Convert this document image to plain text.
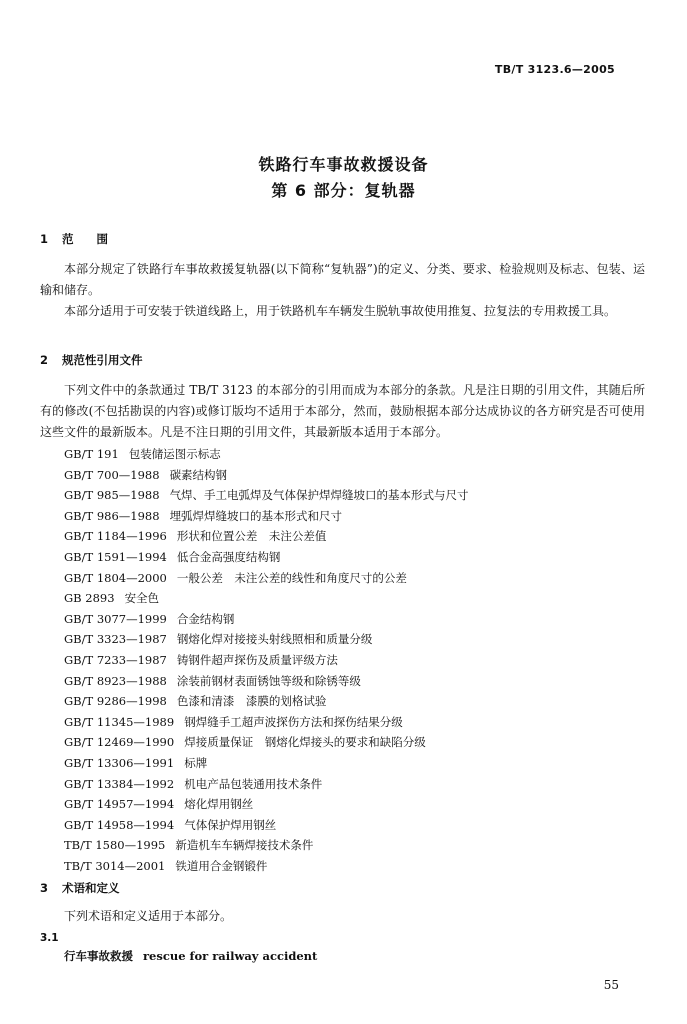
TB/T 3123.6—2005
铁路行车事故救援设备
第 6 部分：复轨器
1 范　　围

本部分规定了铁路行车事故救援复轨器(以下简称“复轨器”)的定义、分类、要求、检验规则及标志、包装、运输和储存。

本部分适用于可安装于铁道线路上，用于铁路机车车辆发生脱轨事故使用推复、拉复法的专用救援工具。

2 规范性引用文件

下列文件中的条款通过 TB/T 3123 的本部分的引用而成为本部分的条款。凡是注日期的引用文件，其随后所有的修改(不包括勘误的内容)或修订版均不适用于本部分，然而，鼓励根据本部分达成协议的各方研究是否可使用这些文件的最新版本。凡是不注日期的引用文件，其最新版本适用于本部分。

GB/T 191 包装储运图示标志
GB/T 700—1988 碳素结构钢
GB/T 985—1988 气焊、手工电弧焊及气体保护焊焊缝坡口的基本形式与尺寸
GB/T 986—1988 埋弧焊焊缝坡口的基本形式和尺寸
GB/T 1184—1996 形状和位置公差　未注公差值
GB/T 1591—1994 低合金高强度结构钢
GB/T 1804—2000 一般公差　未注公差的线性和角度尺寸的公差
GB 2893 安全色
GB/T 3077—1999 合金结构钢
GB/T 3323—1987 钢熔化焊对接接头射线照相和质量分级
GB/T 7233—1987 铸钢件超声探伤及质量评级方法
GB/T 8923—1988 涂装前钢材表面锈蚀等级和除锈等级
GB/T 9286—1998 色漆和清漆　漆膜的划格试验
GB/T 11345—1989 钢焊缝手工超声波探伤方法和探伤结果分级
GB/T 12469—1990 焊接质量保证　钢熔化焊接头的要求和缺陷分级
GB/T 13306—1991 标牌
GB/T 13384—1992 机电产品包装通用技术条件
GB/T 14957—1994 熔化焊用钢丝
GB/T 14958—1994 气体保护焊用钢丝
TB/T 1580—1995 新造机车车辆焊接技术条件
TB/T 3014—2001 铁道用合金钢锻件
3 术语和定义

下列术语和定义适用于本部分。

3.1
行车事故救援 rescue for railway accident
55
